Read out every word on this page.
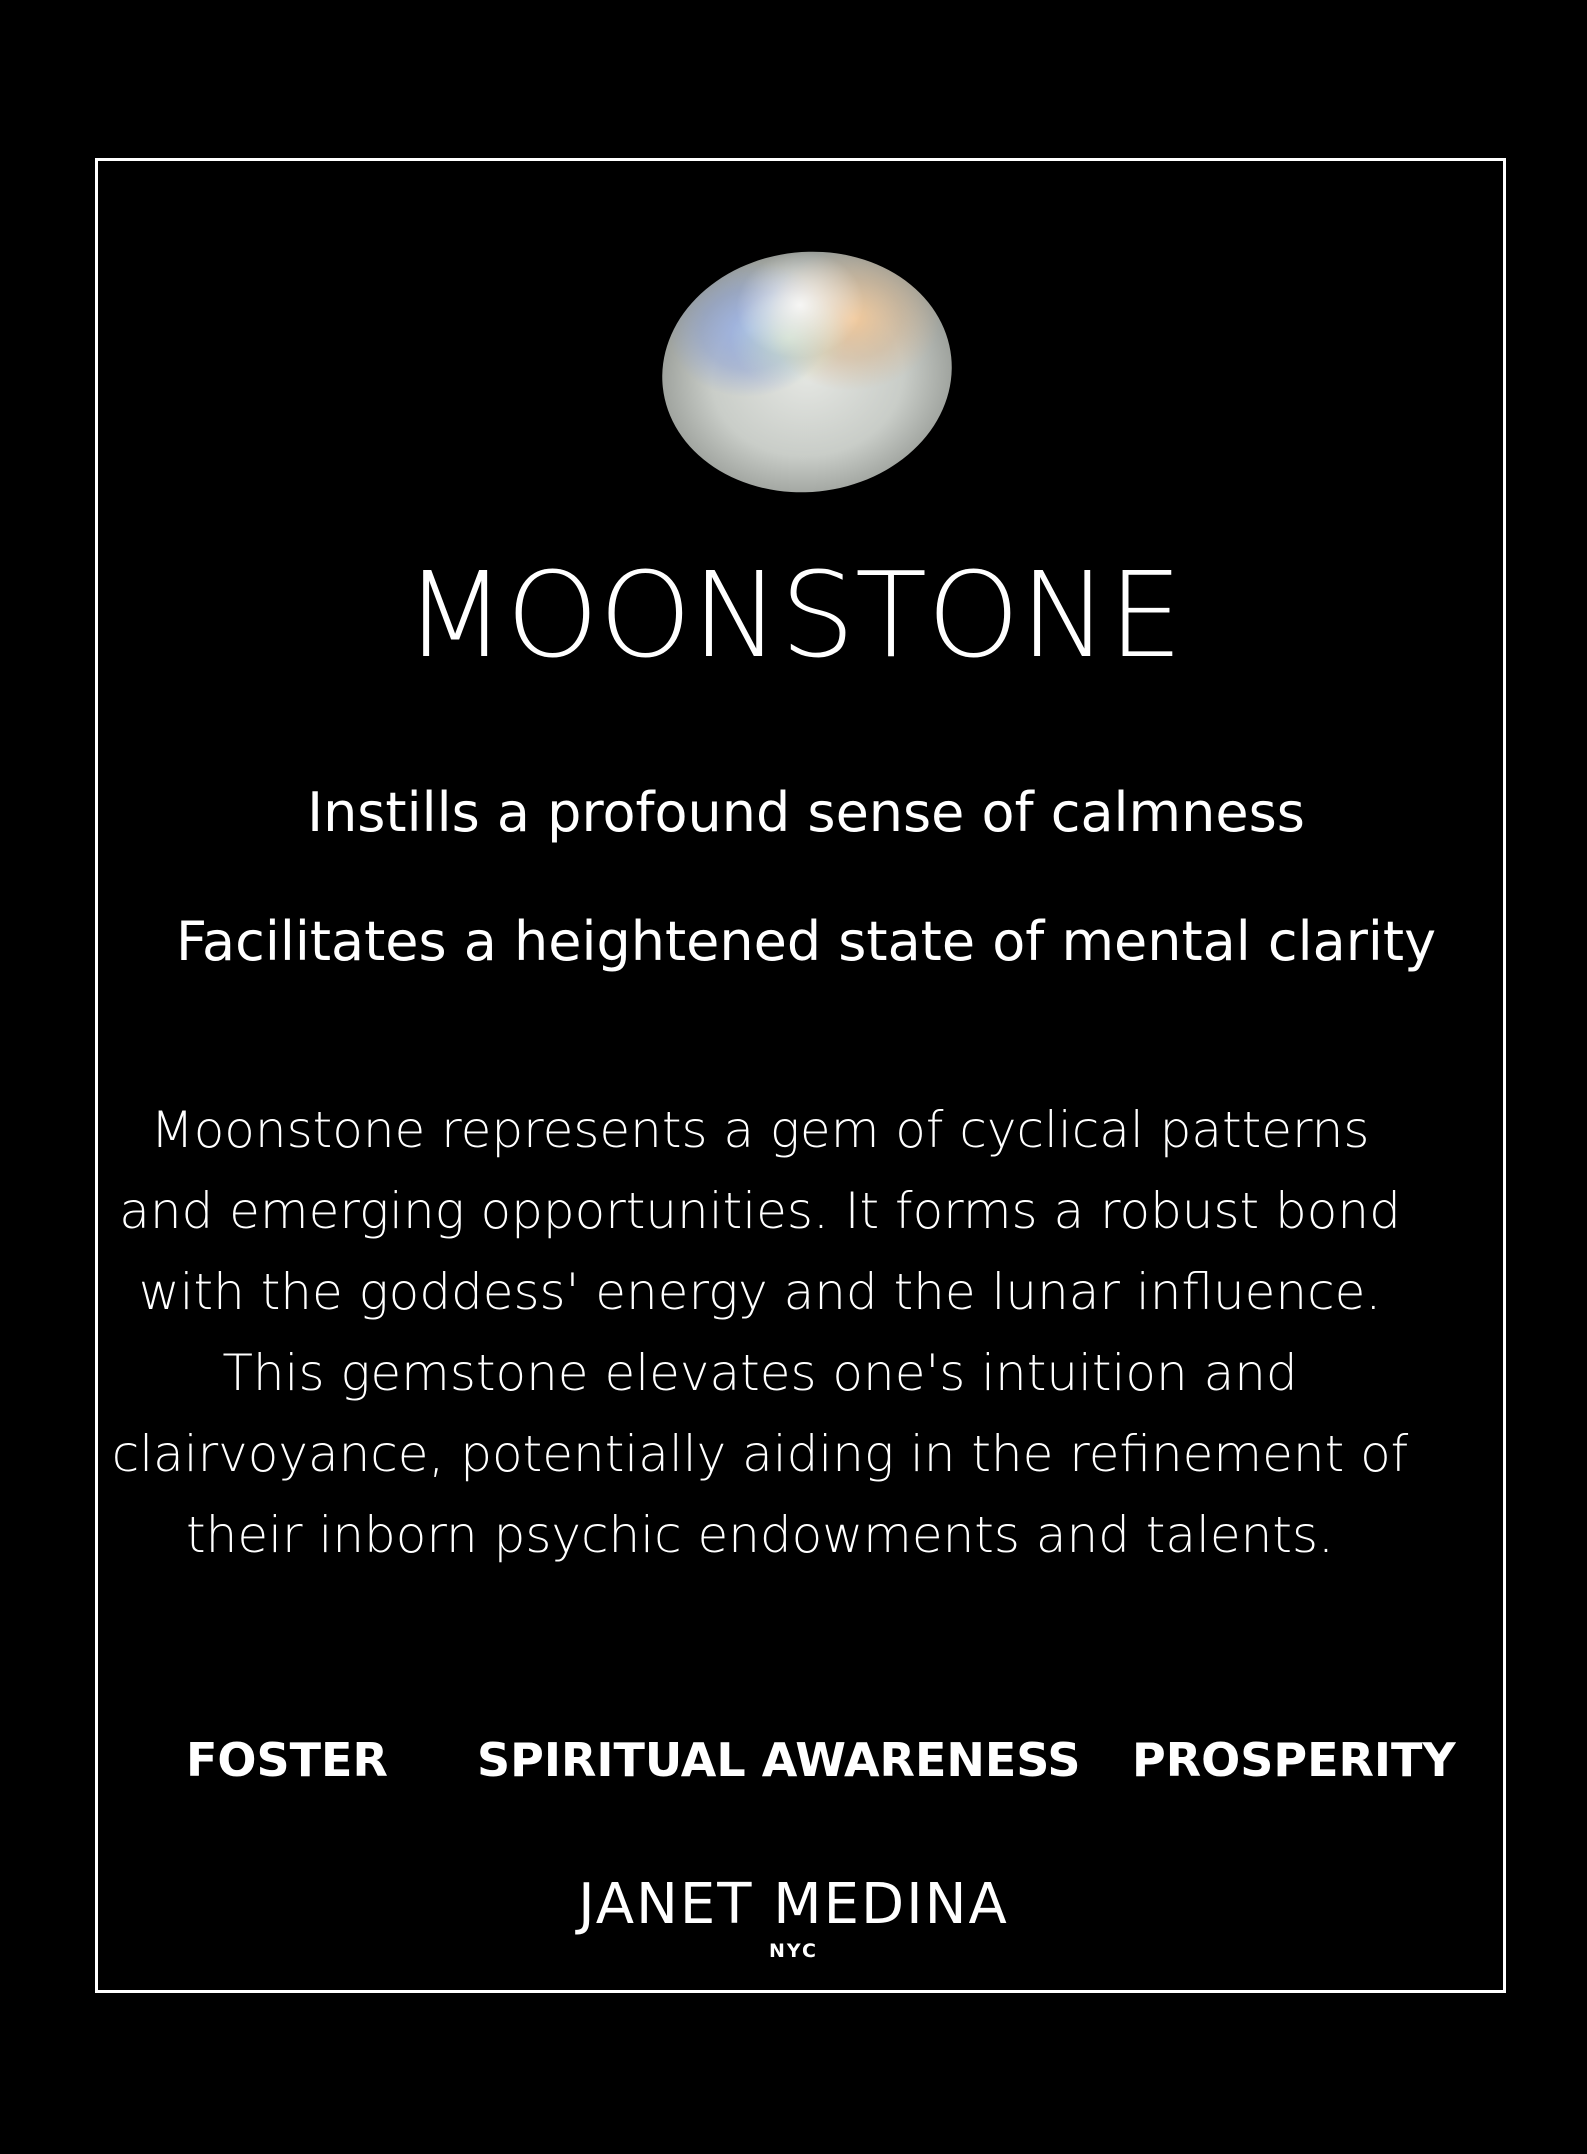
MOONSTONE
Instills a profound sense of calmness
Facilitates a heightened state of mental clarity
Moonstone represents a gem of cyclical patterns
and emerging opportunities. It forms a robust bond
with the goddess' energy and the lunar influence.
This gemstone elevates one's intuition and
clairvoyance, potentially aiding in the refinement of
their inborn psychic endowments and talents.
FOSTER SPIRITUAL AWARENESS PROSPERITY
JANET MEDINA
NYC
